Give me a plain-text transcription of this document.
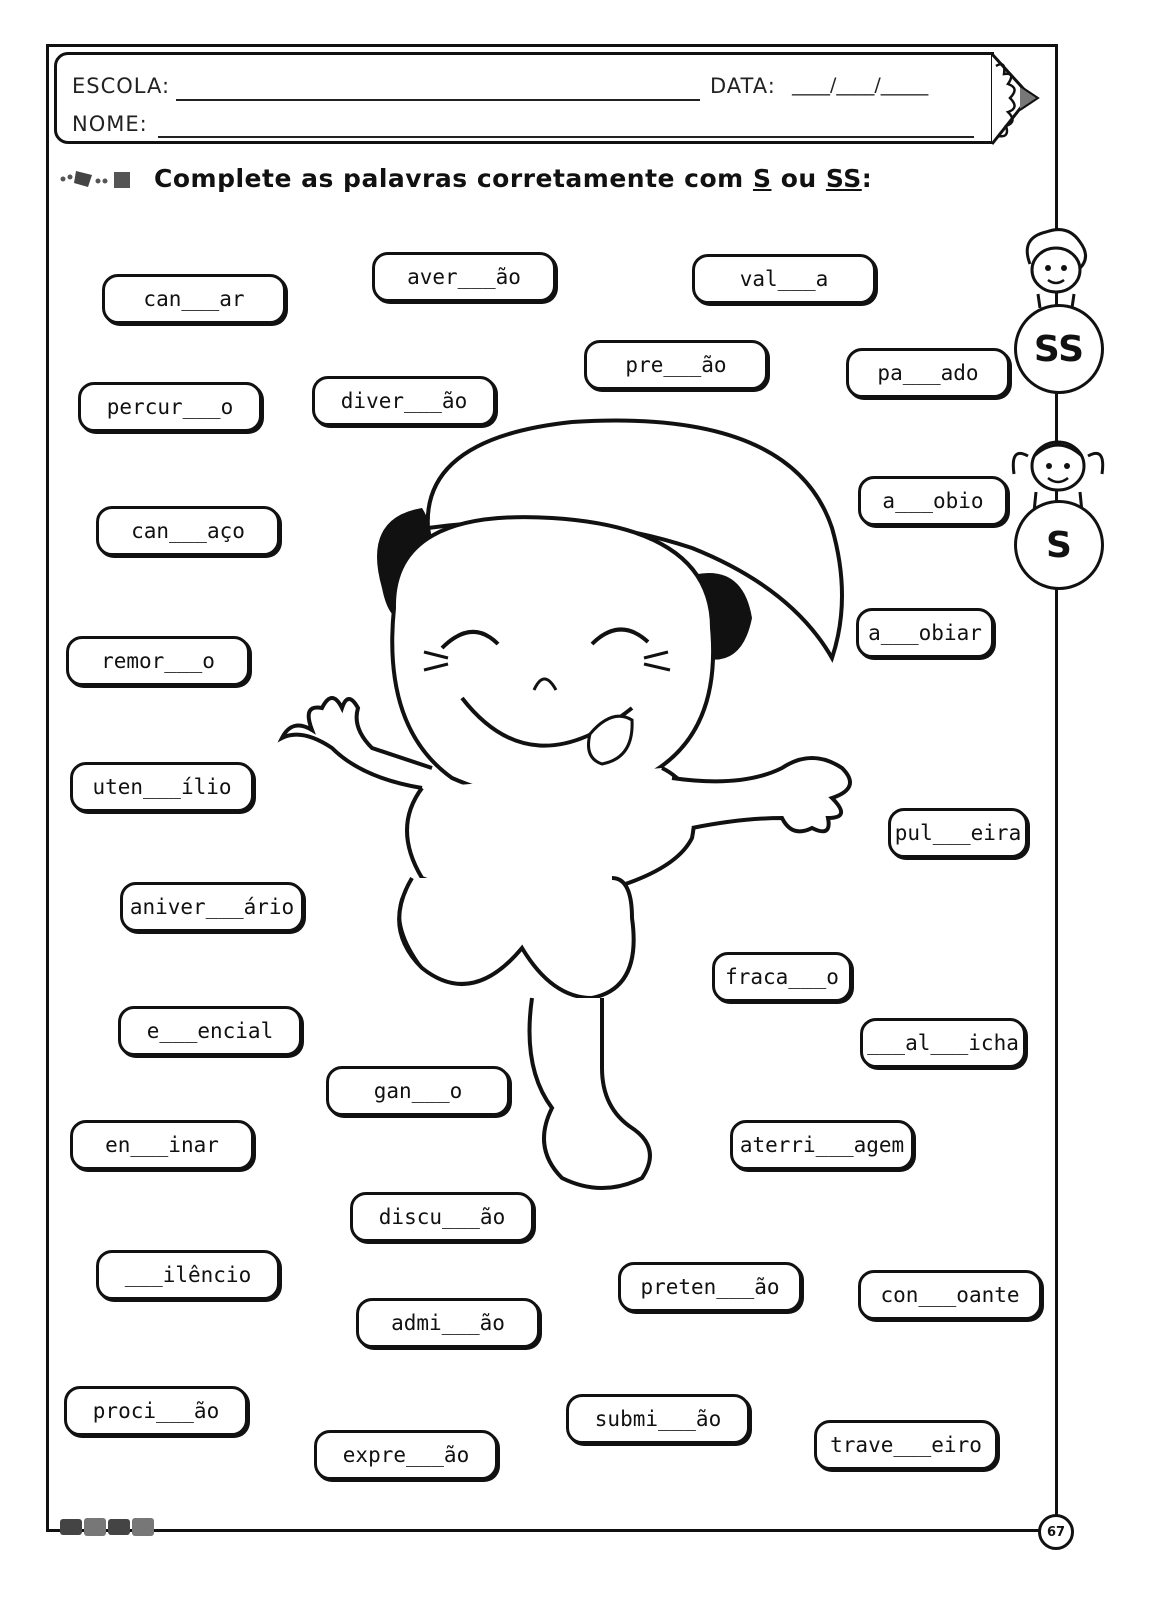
ESCOLA:	DATA: ____/____/_____
NOME:
Complete as palavras corretamente com S ou SS:
SS
S
can___ar
aver___ão	val___a
percur___o	diver___ão
pre___ão	pa___ado
can___aço
a___obio
remor___o
a___obiar
uten___ílio
pul___eira
aniver___ário
fraca___o
e___encial	___al___icha
gan___o
en___inar	aterri___agem
discu___ão
___ilêncio	preten___ão	con___oante
admi___ão
proci___ão	submi___ão
expre___ão	trave___eiro
67
